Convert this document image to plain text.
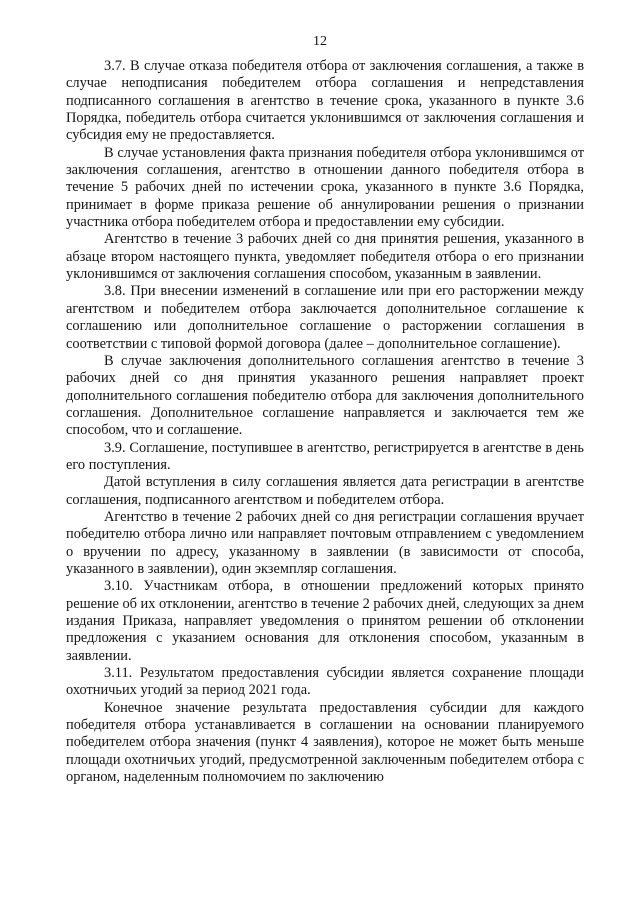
12

3.7. В случае отказа победителя отбора от заключения соглашения, а также в случае неподписания победителем отбора соглашения и непредставления подписанного соглашения в агентство в течение срока, указанного в пункте 3.6 Порядка, победитель отбора считается уклонившимся от заключения соглашения и субсидия ему не предоставляется.

В случае установления факта признания победителя отбора уклонившимся от заключения соглашения, агентство в отношении данного победителя отбора в течение 5 рабочих дней по истечении срока, указанного в пункте 3.6 Порядка, принимает в форме приказа решение об аннулировании решения о признании участника отбора победителем отбора и предоставлении ему субсидии.

Агентство в течение 3 рабочих дней со дня принятия решения, указанного в абзаце втором настоящего пункта, уведомляет победителя отбора о его признании уклонившимся от заключения соглашения способом, указанным в заявлении.

3.8. При внесении изменений в соглашение или при его расторжении между агентством и победителем отбора заключается дополнительное соглашение к соглашению или дополнительное соглашение о расторжении соглашения в соответствии с типовой формой договора (далее – дополнительное соглашение).

В случае заключения дополнительного соглашения агентство в течение 3 рабочих дней со дня принятия указанного решения направляет проект дополнительного соглашения победителю отбора для заключения дополнительного соглашения. Дополнительное соглашение направляется и заключается тем же способом, что и соглашение.

3.9. Соглашение, поступившее в агентство, регистрируется в агентстве в день его поступления.

Датой вступления в силу соглашения является дата регистрации в агентстве соглашения, подписанного агентством и победителем отбора.

Агентство в течение 2 рабочих дней со дня регистрации соглашения вручает победителю отбора лично или направляет почтовым отправлением с уведомлением о вручении по адресу, указанному в заявлении (в зависимости от способа, указанного в заявлении), один экземпляр соглашения.

3.10. Участникам отбора, в отношении предложений которых принято решение об их отклонении, агентство в течение 2 рабочих дней, следующих за днем издания Приказа, направляет уведомления о принятом решении об отклонении предложения с указанием основания для отклонения способом, указанным в заявлении.

3.11. Результатом предоставления субсидии является сохранение площади охотничьих угодий за период 2021 года.

Конечное значение результата предоставления субсидии для каждого победителя отбора устанавливается в соглашении на основании планируемого победителем отбора значения (пункт 4 заявления), которое не может быть меньше площади охотничьих угодий, предусмотренной заключенным победителем отбора с органом, наделенным полномочием по заключению
